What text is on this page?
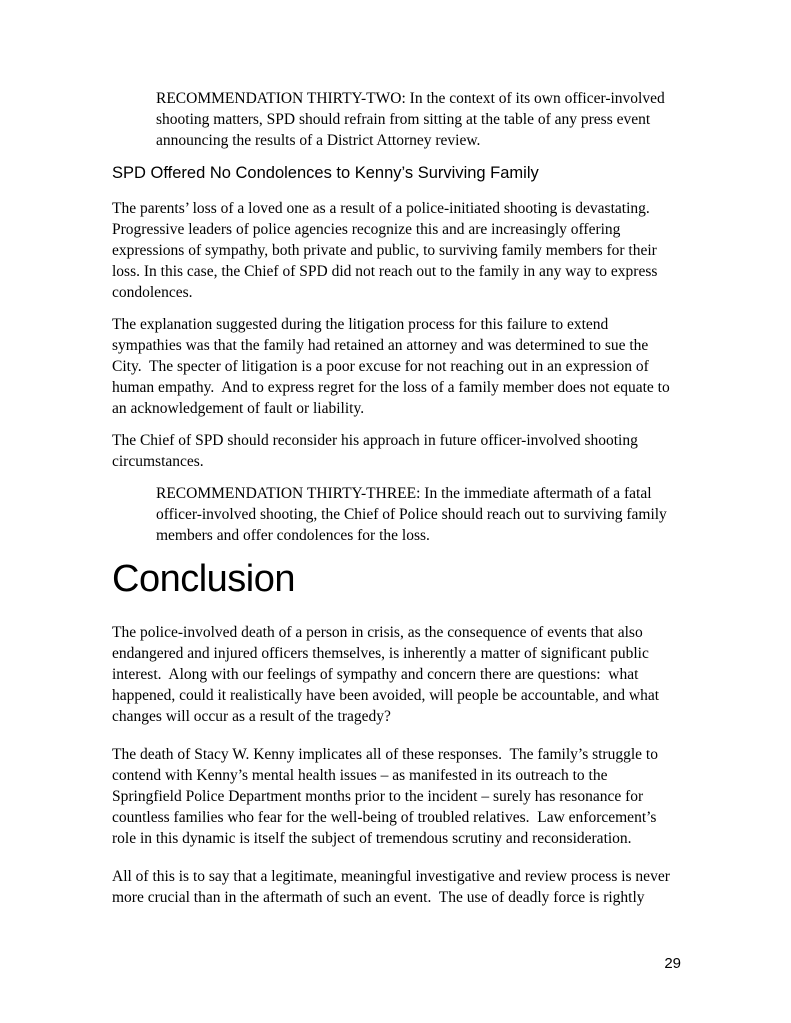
RECOMMENDATION THIRTY-TWO: In the context of its own officer-involved shooting matters, SPD should refrain from sitting at the table of any press event announcing the results of a District Attorney review.

SPD Offered No Condolences to Kenny’s Surviving Family

The parents’ loss of a loved one as a result of a police-initiated shooting is devastating. Progressive leaders of police agencies recognize this and are increasingly offering expressions of sympathy, both private and public, to surviving family members for their loss. In this case, the Chief of SPD did not reach out to the family in any way to express condolences.

The explanation suggested during the litigation process for this failure to extend sympathies was that the family had retained an attorney and was determined to sue the City.  The specter of litigation is a poor excuse for not reaching out in an expression of human empathy.  And to express regret for the loss of a family member does not equate to an acknowledgement of fault or liability.

The Chief of SPD should reconsider his approach in future officer-involved shooting circumstances.

RECOMMENDATION THIRTY-THREE: In the immediate aftermath of a fatal officer-involved shooting, the Chief of Police should reach out to surviving family members and offer condolences for the loss.

Conclusion

The police-involved death of a person in crisis, as the consequence of events that also endangered and injured officers themselves, is inherently a matter of significant public interest.  Along with our feelings of sympathy and concern there are questions:  what happened, could it realistically have been avoided, will people be accountable, and what changes will occur as a result of the tragedy?

The death of Stacy W. Kenny implicates all of these responses.  The family’s struggle to contend with Kenny’s mental health issues – as manifested in its outreach to the Springfield Police Department months prior to the incident – surely has resonance for countless families who fear for the well-being of troubled relatives.  Law enforcement’s role in this dynamic is itself the subject of tremendous scrutiny and reconsideration.

All of this is to say that a legitimate, meaningful investigative and review process is never more crucial than in the aftermath of such an event.  The use of deadly force is rightly

29
